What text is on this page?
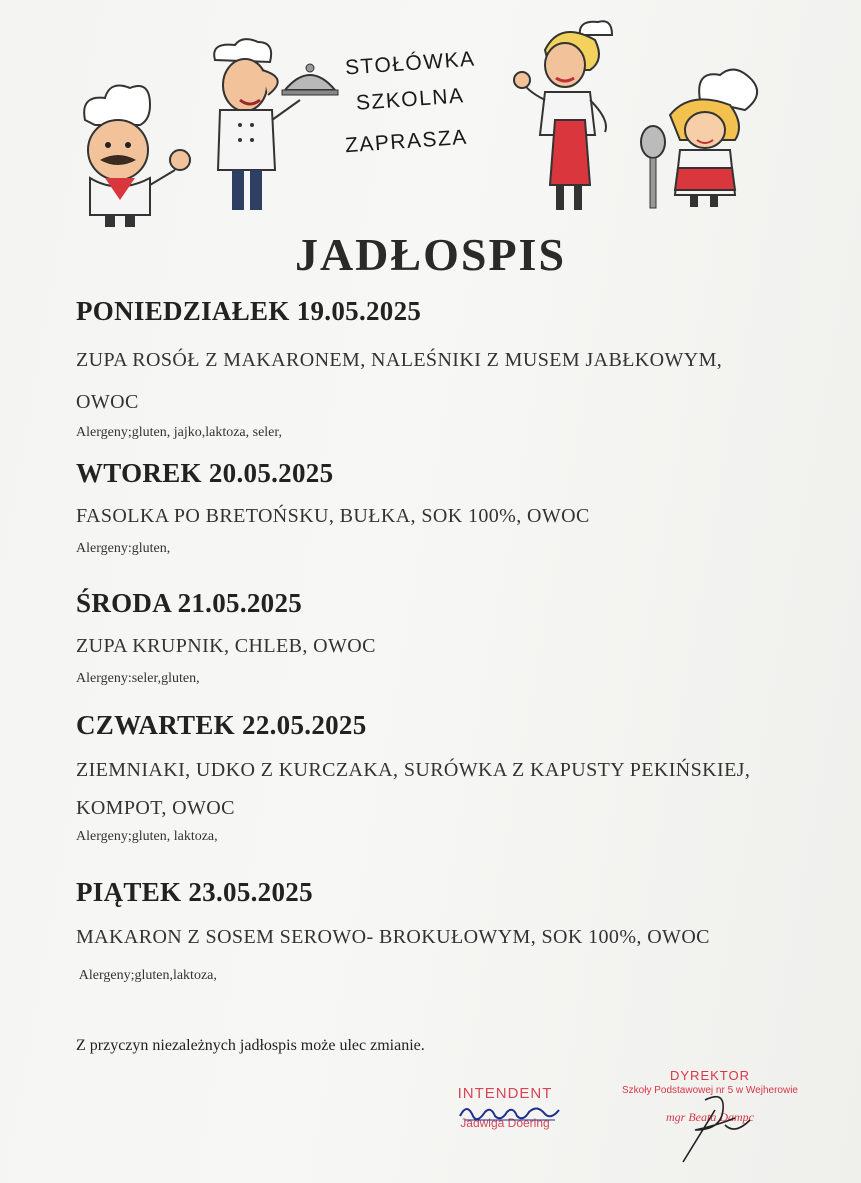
STOŁÓWKA
SZKOLNA
ZAPRASZA
JADŁOSPIS
PONIEDZIAŁEK 19.05.2025
ZUPA ROSÓŁ Z MAKARONEM, NALEŚNIKI Z MUSEM JABŁKOWYM,
OWOC
Alergeny;gluten, jajko,laktoza, seler,
WTOREK 20.05.2025
FASOLKA PO BRETOŃSKU, BUŁKA, SOK 100%, OWOC
Alergeny:gluten,
ŚRODA 21.05.2025
ZUPA KRUPNIK, CHLEB, OWOC
Alergeny:seler,gluten,
CZWARTEK 22.05.2025
ZIEMNIAKI, UDKO Z KURCZAKA, SURÓWKA Z KAPUSTY PEKIŃSKIEJ,
KOMPOT, OWOC
Alergeny;gluten, laktoza,
PIĄTEK 23.05.2025
MAKARON Z SOSEM SEROWO- BROKUŁOWYM, SOK 100%, OWOC
Alergeny;gluten,laktoza,
Z przyczyn niezależnych jadłospis może ulec zmianie.
INTENDENT
Jadwiga Doering
DYREKTOR
Szkoły Podstawowej nr 5 w Wejherowie
mgr Beata Dampc
